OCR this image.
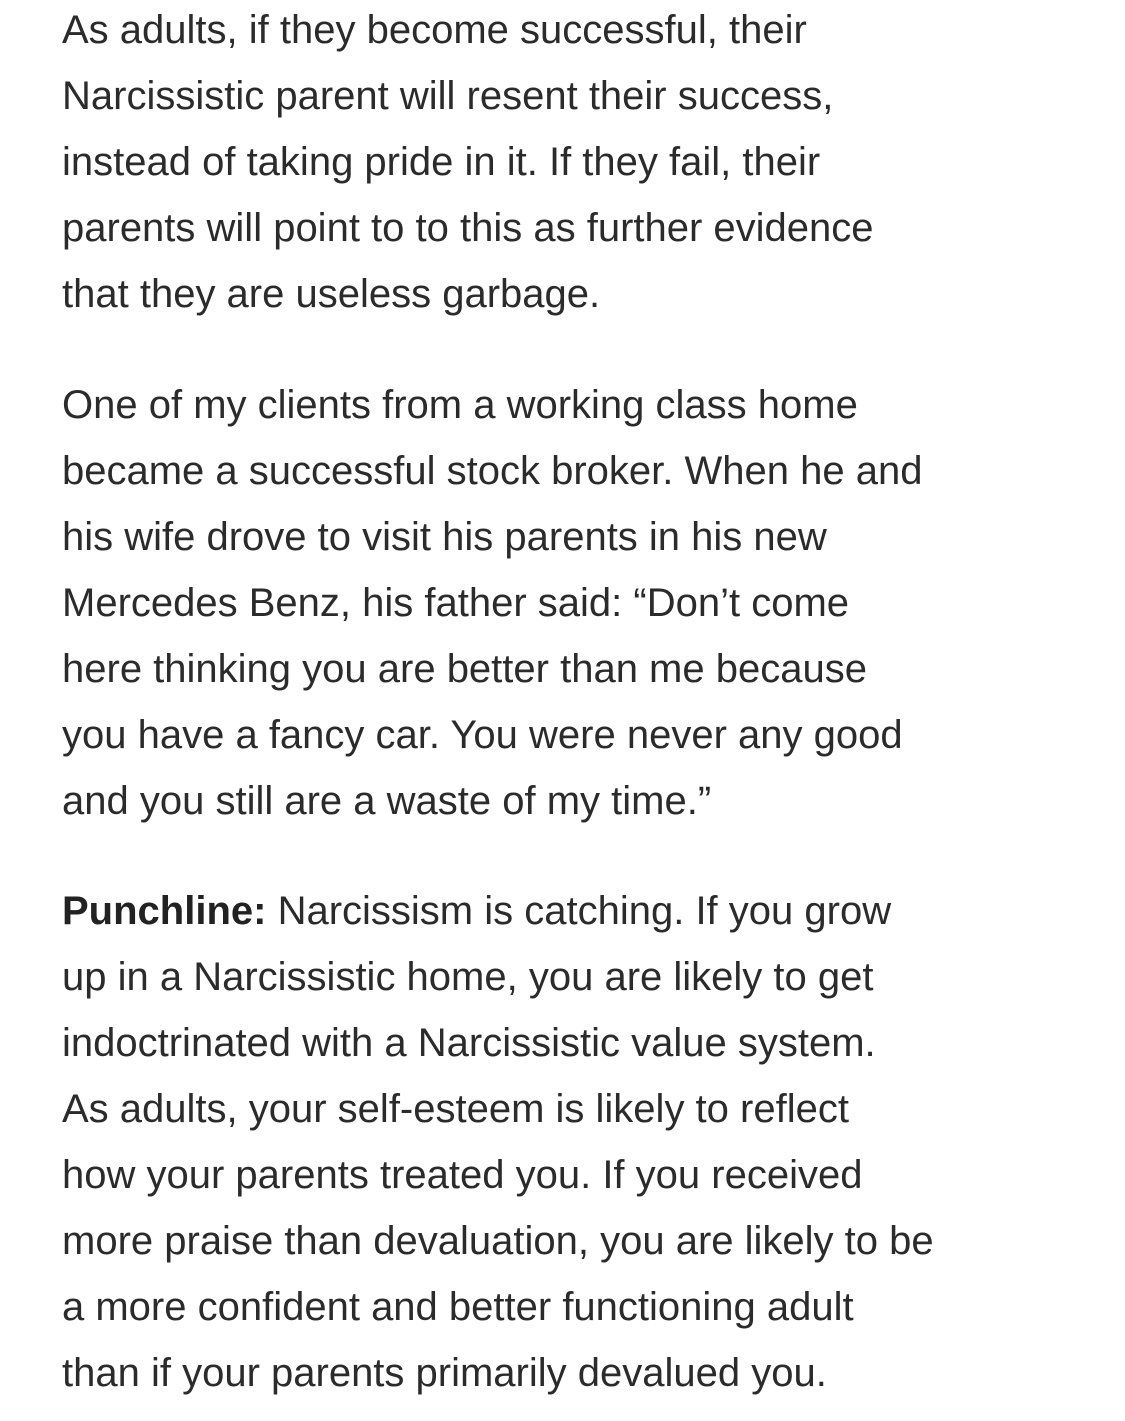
As adults, if they become successful, their
Narcissistic parent will resent their success,
instead of taking pride in it. If they fail, their
parents will point to to this as further evidence
that they are useless garbage.

One of my clients from a working class home
became a successful stock broker. When he and
his wife drove to visit his parents in his new
Mercedes Benz, his father said: “Don’t come
here thinking you are better than me because
you have a fancy car. You were never any good
and you still are a waste of my time.”

Punchline: Narcissism is catching. If you grow
up in a Narcissistic home, you are likely to get
indoctrinated with a Narcissistic value system.
As adults, your self-esteem is likely to reflect
how your parents treated you. If you received
more praise than devaluation, you are likely to be
a more confident and better functioning adult
than if your parents primarily devalued you.
